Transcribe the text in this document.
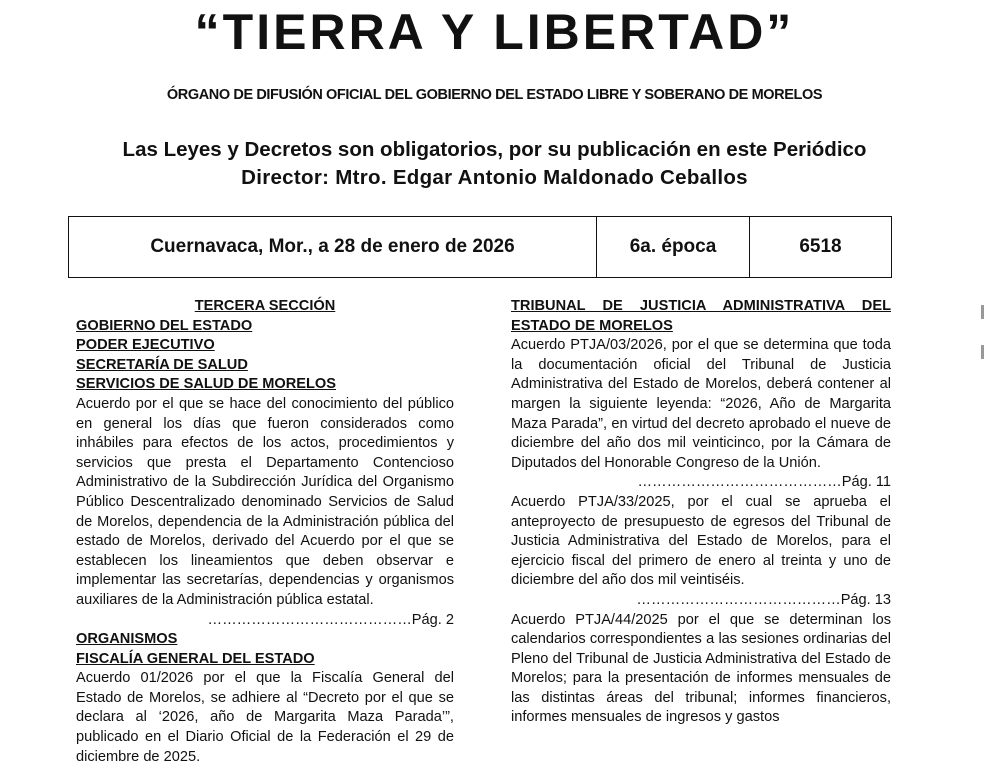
“TIERRA Y LIBERTAD”
ÓRGANO DE DIFUSIÓN OFICIAL DEL GOBIERNO DEL ESTADO LIBRE Y SOBERANO DE MORELOS
Las Leyes y Decretos son obligatorios, por su publicación en este Periódico
Director: Mtro. Edgar Antonio Maldonado Ceballos
Cuernavaca, Mor., a 28 de enero de 2026	6a. época	6518
TERCERA SECCIÓN
GOBIERNO DEL ESTADO
PODER EJECUTIVO
SECRETARÍA DE SALUD
SERVICIOS DE SALUD DE MORELOS
Acuerdo por el que se hace del conocimiento del público en general los días que fueron considerados como inhábiles para efectos de los actos, procedimientos y servicios que presta el Departamento Contencioso Administrativo de la Subdirección Jurídica del Organismo Público Descentralizado denominado Servicios de Salud de Morelos, dependencia de la Administración pública del estado de Morelos, derivado del Acuerdo por el que se establecen los lineamientos que deben observar e implementar las secretarías, dependencias y organismos auxiliares de la Administración pública estatal.
……………………………………Pág. 2
ORGANISMOS
FISCALÍA GENERAL DEL ESTADO
Acuerdo 01/2026 por el que la Fiscalía General del Estado de Morelos, se adhiere al “Decreto por el que se declara al ‘2026, año de Margarita Maza Parada’”, publicado en el Diario Oficial de la Federación el 29 de diciembre de 2025.
TRIBUNAL DE JUSTICIA ADMINISTRATIVA DEL ESTADO DE MORELOS
Acuerdo PTJA/03/2026, por el que se determina que toda la documentación oficial del Tribunal de Justicia Administrativa del Estado de Morelos, deberá contener al margen la siguiente leyenda: “2026, Año de Margarita Maza Parada”, en virtud del decreto aprobado el nueve de diciembre del año dos mil veinticinco, por la Cámara de Diputados del Honorable Congreso de la Unión.
……………………………………Pág. 11
Acuerdo PTJA/33/2025, por el cual se aprueba el anteproyecto de presupuesto de egresos del Tribunal de Justicia Administrativa del Estado de Morelos, para el ejercicio fiscal del primero de enero al treinta y uno de diciembre del año dos mil veintiséis.
……………………………………Pág. 13
Acuerdo PTJA/44/2025 por el que se determinan los calendarios correspondientes a las sesiones ordinarias del Pleno del Tribunal de Justicia Administrativa del Estado de Morelos; para la presentación de informes mensuales de las distintas áreas del tribunal; informes financieros, informes mensuales de ingresos y gastos
